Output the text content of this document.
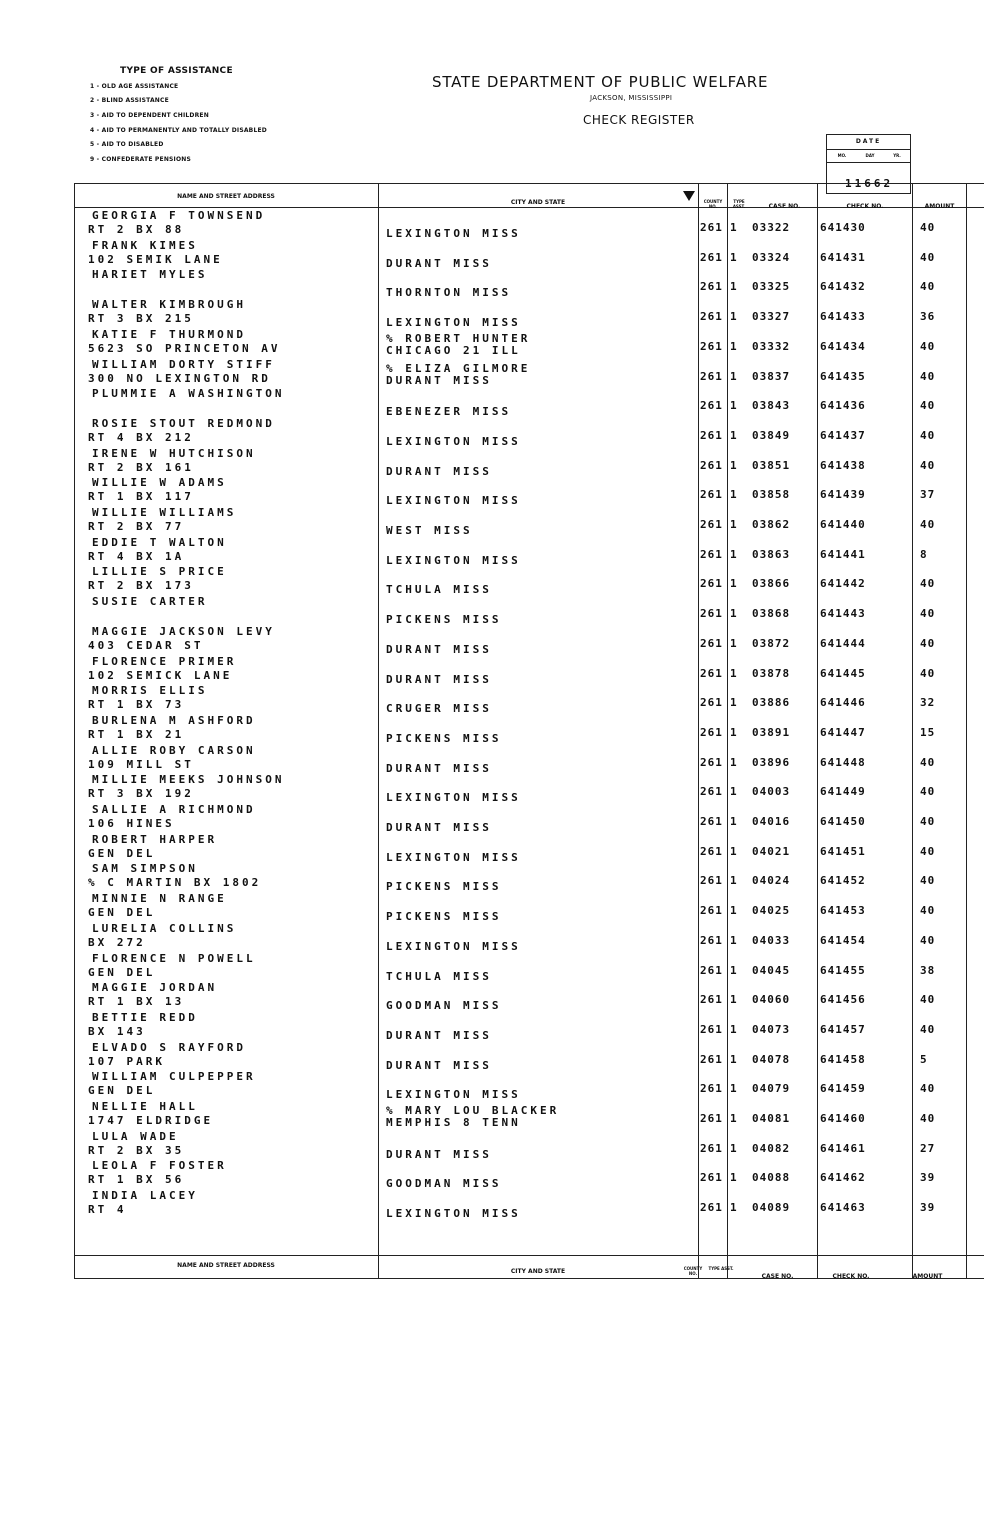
TYPE OF ASSISTANCE
1 - OLD AGE ASSISTANCE
2 - BLIND ASSISTANCE
3 - AID TO DEPENDENT CHILDREN
4 - AID TO PERMANENTLY AND TOTALLY DISABLED
5 - AID TO DISABLED
9 - CONFEDERATE PENSIONS
STATE DEPARTMENT OF PUBLIC WELFARE
JACKSON, MISSISSIPPI
CHECK REGISTER
DATE
MO.	DAY	YR.
11662
NAME AND STREET ADDRESS
CITY AND STATE	COUNTY NO.
TYPE ASST.	CASE NO.	CHECK NO.	AMOUNT
NAME AND STREET ADDRESS
CITY AND STATE	COUNTY NO.
TYPE ASST.
CASE NO.	CHECK NO.	AMOUNT
GEORGIA F TOWNSEND
RT 2 BX 88	LEXINGTON MISS	261 1 03322	641430	40
FRANK KIMES
102 SEMIK LANE	DURANT MISS	261 1 03324	641431	40
HARIET MYLES
THORNTON MISS	261 1 03325	641432	40
WALTER KIMBROUGH
RT 3 BX 215	LEXINGTON MISS	261 1 03327	641433	36
KATIE F THURMOND
5623 SO PRINCETON AV
% ROBERT HUNTER
CHICAGO 21 ILL	261 1 03332	641434	40
WILLIAM DORTY STIFF
300 NO LEXINGTON RD
% ELIZA GILMORE
DURANT MISS	261 1 03837	641435	40
PLUMMIE A WASHINGTON
EBENEZER MISS	261 1 03843	641436	40
ROSIE STOUT REDMOND
RT 4 BX 212	LEXINGTON MISS	261 1 03849	641437	40
IRENE W HUTCHISON
RT 2 BX 161	DURANT MISS	261 1 03851	641438	40
WILLIE W ADAMS
RT 1 BX 117	LEXINGTON MISS	261 1 03858	641439	37
WILLIE WILLIAMS
RT 2 BX 77	WEST MISS	261 1 03862	641440	40
EDDIE T WALTON
RT 4 BX 1A	LEXINGTON MISS	261 1 03863	641441	8
LILLIE S PRICE
RT 2 BX 173	TCHULA MISS	261 1 03866	641442	40
SUSIE CARTER
PICKENS MISS	261 1 03868	641443	40
MAGGIE JACKSON LEVY
403 CEDAR ST	DURANT MISS	261 1 03872	641444	40
FLORENCE PRIMER
102 SEMICK LANE	DURANT MISS	261 1 03878	641445	40
MORRIS ELLIS
RT 1 BX 73	CRUGER MISS	261 1 03886	641446	32
BURLENA M ASHFORD
RT 1 BX 21	PICKENS MISS	261 1 03891	641447	15
ALLIE ROBY CARSON
109 MILL ST	DURANT MISS	261 1 03896	641448	40
MILLIE MEEKS JOHNSON
RT 3 BX 192	LEXINGTON MISS	261 1 04003	641449	40
SALLIE A RICHMOND
106 HINES	DURANT MISS	261 1 04016	641450	40
ROBERT HARPER
GEN DEL	LEXINGTON MISS	261 1 04021	641451	40
SAM SIMPSON
% C MARTIN BX 1802	PICKENS MISS	261 1 04024	641452	40
MINNIE N RANGE
GEN DEL	PICKENS MISS	261 1 04025	641453	40
LURELIA COLLINS
BX 272	LEXINGTON MISS	261 1 04033	641454	40
FLORENCE N POWELL
GEN DEL	TCHULA MISS	261 1 04045	641455	38
MAGGIE JORDAN
RT 1 BX 13	GOODMAN MISS	261 1 04060	641456	40
BETTIE REDD
BX 143	DURANT MISS	261 1 04073	641457	40
ELVADO S RAYFORD
107 PARK	DURANT MISS	261 1 04078	641458	5
WILLIAM CULPEPPER
GEN DEL	LEXINGTON MISS	261 1 04079	641459	40
NELLIE HALL
1747 ELDRIDGE
% MARY LOU BLACKER
MEMPHIS 8 TENN	261 1 04081	641460	40
LULA WADE
RT 2 BX 35	DURANT MISS	261 1 04082	641461	27
LEOLA F FOSTER
RT 1 BX 56	GOODMAN MISS	261 1 04088	641462	39
INDIA LACEY
RT 4	LEXINGTON MISS	261 1 04089	641463	39
